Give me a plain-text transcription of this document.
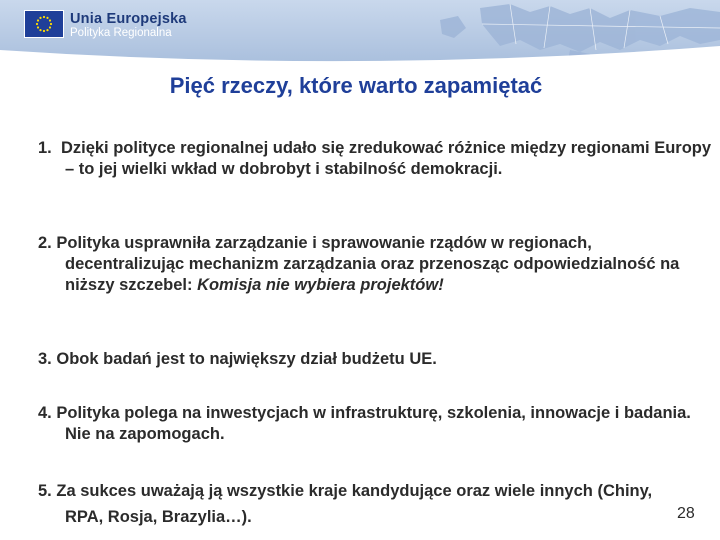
Unia Europejska
Polityka Regionalna
Pięć rzeczy, które warto zapamiętać
1. Dzięki polityce regionalnej udało się zredukować różnice między regionami Europy – to jej wielki wkład w dobrobyt i stabilność demokracji.
2. Polityka usprawniła zarządzanie i sprawowanie rządów w regionach, decentralizując mechanizm zarządzania oraz przenosząc odpowiedzialność na niższy szczebel: Komisja nie wybiera projektów!
3. Obok badań jest to największy dział budżetu UE.
4. Polityka polega na inwestycjach w infrastrukturę, szkolenia, innowacje i badania. Nie na zapomogach.
5. Za sukces uważają ją wszystkie kraje kandydujące oraz wiele innych (Chiny, RPA, Rosja, Brazylia…).	28
